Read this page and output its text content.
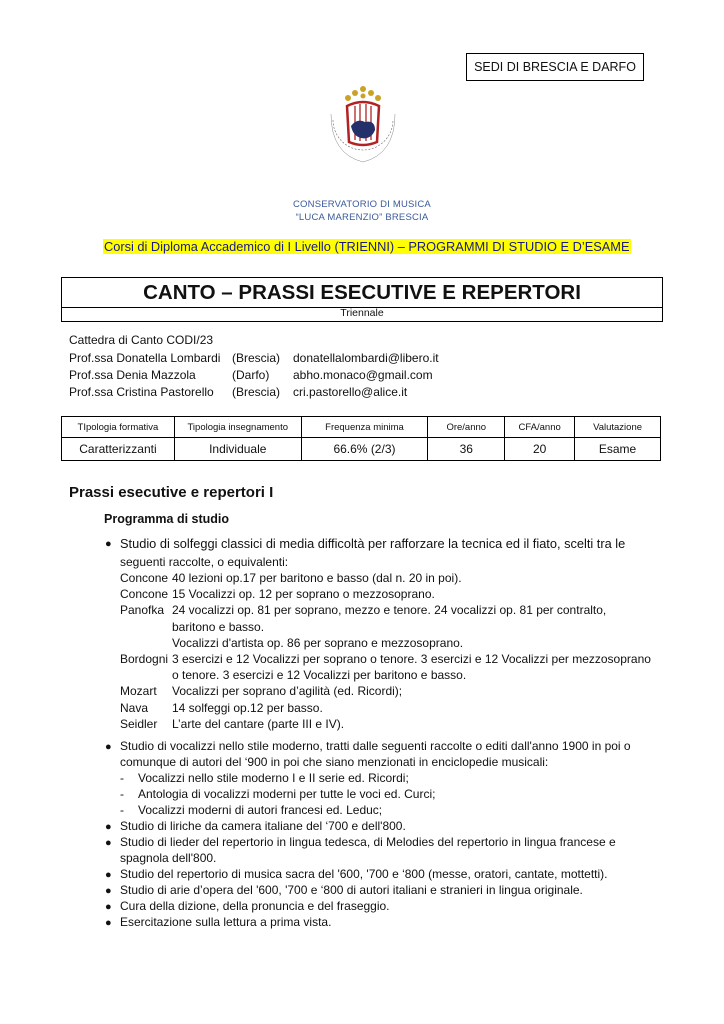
SEDI DI BRESCIA E DARFO
CONSERVATORIO DI MUSICA
“LUCA MARENZIO” BRESCIA
Corsi di Diploma Accademico di I Livello (TRIENNI) – PROGRAMMI DI STUDIO E D’ESAME
CANTO – PRASSI ESECUTIVE E REPERTORI
Triennale
Cattedra di Canto CODI/23
Prof.ssa Donatella Lombardi (Brescia) donatellalombardi@libero.it
Prof.ssa Denia Mazzola	(Darfo) abho.monaco@gmail.com
Prof.ssa Cristina Pastorello (Brescia) cri.pastorello@alice.it
TIpologia formativa	Tipologia insegnamento	Frequenza minima	Ore/anno	CFA/anno	Valutazione
Caratterizzanti	Individuale	66.6% (2/3)	36	20	Esame
Prassi esecutive e repertori I
Programma di studio
● Studio di solfeggi classici di media difficoltà per rafforzare la tecnica ed il fiato, scelti tra le
seguenti raccolte, o equivalenti:
Concone 40 lezioni op.17 per baritono e basso (dal n. 20 in poi).
Concone 15 Vocalizzi op. 12 per soprano o mezzosoprano.
Panofka 24 vocalizzi op. 81 per soprano, mezzo e tenore. 24 vocalizzi op. 81 per contralto,
baritono e basso.
Vocalizzi d'artista op. 86 per soprano e mezzosoprano.
Bordogni 3 esercizi e 12 Vocalizzi per soprano o tenore. 3 esercizi e 12 Vocalizzi per mezzosoprano
o tenore. 3 esercizi e 12 Vocalizzi per baritono e basso.
Mozart Vocalizzi per soprano d’agilità (ed. Ricordi);
Nava 14 solfeggi op.12 per basso.
Seidler L’arte del cantare (parte III e IV).
● Studio di vocalizzi nello stile moderno, tratti dalle seguenti raccolte o editi dall'anno 1900 in poi o
comunque di autori del ‘900 in poi che siano menzionati in enciclopedie musicali:
- Vocalizzi nello stile moderno I e II serie ed. Ricordi;
- Antologia di vocalizzi moderni per tutte le voci ed. Curci;
- Vocalizzi moderni di autori francesi ed. Leduc;
● Studio di liriche da camera italiane del ‘700 e dell'800.
● Studio di lieder del repertorio in lingua tedesca, di Melodies del repertorio in lingua francese e
spagnola dell'800.
● Studio del repertorio di musica sacra del '600, '700 e ‘800 (messe, oratori, cantate, mottetti).
● Studio di arie d’opera del '600, '700 e ‘800 di autori italiani e stranieri in lingua originale.
● Cura della dizione, della pronuncia e del fraseggio.
● Esercitazione sulla lettura a prima vista.
